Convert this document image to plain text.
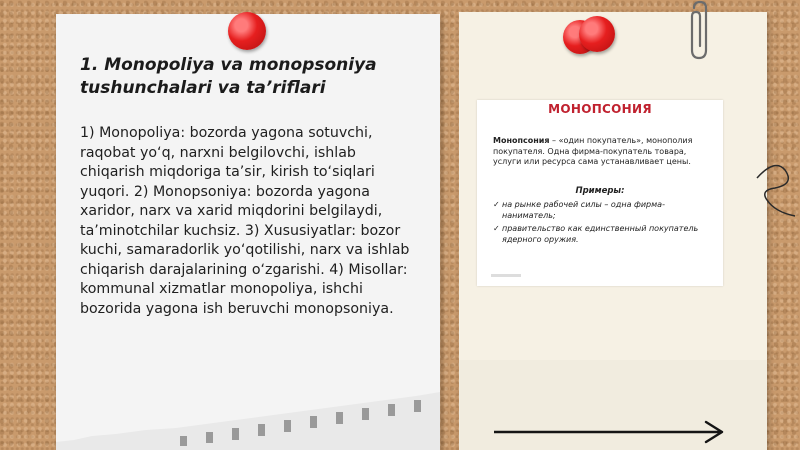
1. Monopoliya va monopsoniya tushunchalari va ta’riflari

1) Monopoliya: bozorda yagona sotuvchi, raqobat yo‘q, narxni belgilovchi, ishlab chiqarish miqdoriga ta’sir, kirish to‘siqlari yuqori. 2) Monopsoniya: bozorda yagona xaridor, narx va xarid miqdorini belgilaydi, ta’minotchilar kuchsiz. 3) Xususiyatlar: bozor kuchi, samaradorlik yo‘qotilishi, narx va ishlab chiqarish darajalarining o‘zgarishi. 4) Misollar: kommunal xizmatlar monopoliya, ishchi bozorida yagona ish beruvchi monopsoniya.

МОНОПСОНИЯ

Монопсония – «один покупатель», монополия покупателя. Одна фирма-покупатель товара, услуги или ресурса сама устанавливает цены.

Примеры:
✓ на рынке рабочей силы – одна фирма-наниматель;
✓ правительство как единственный покупатель ядерного оружия.
